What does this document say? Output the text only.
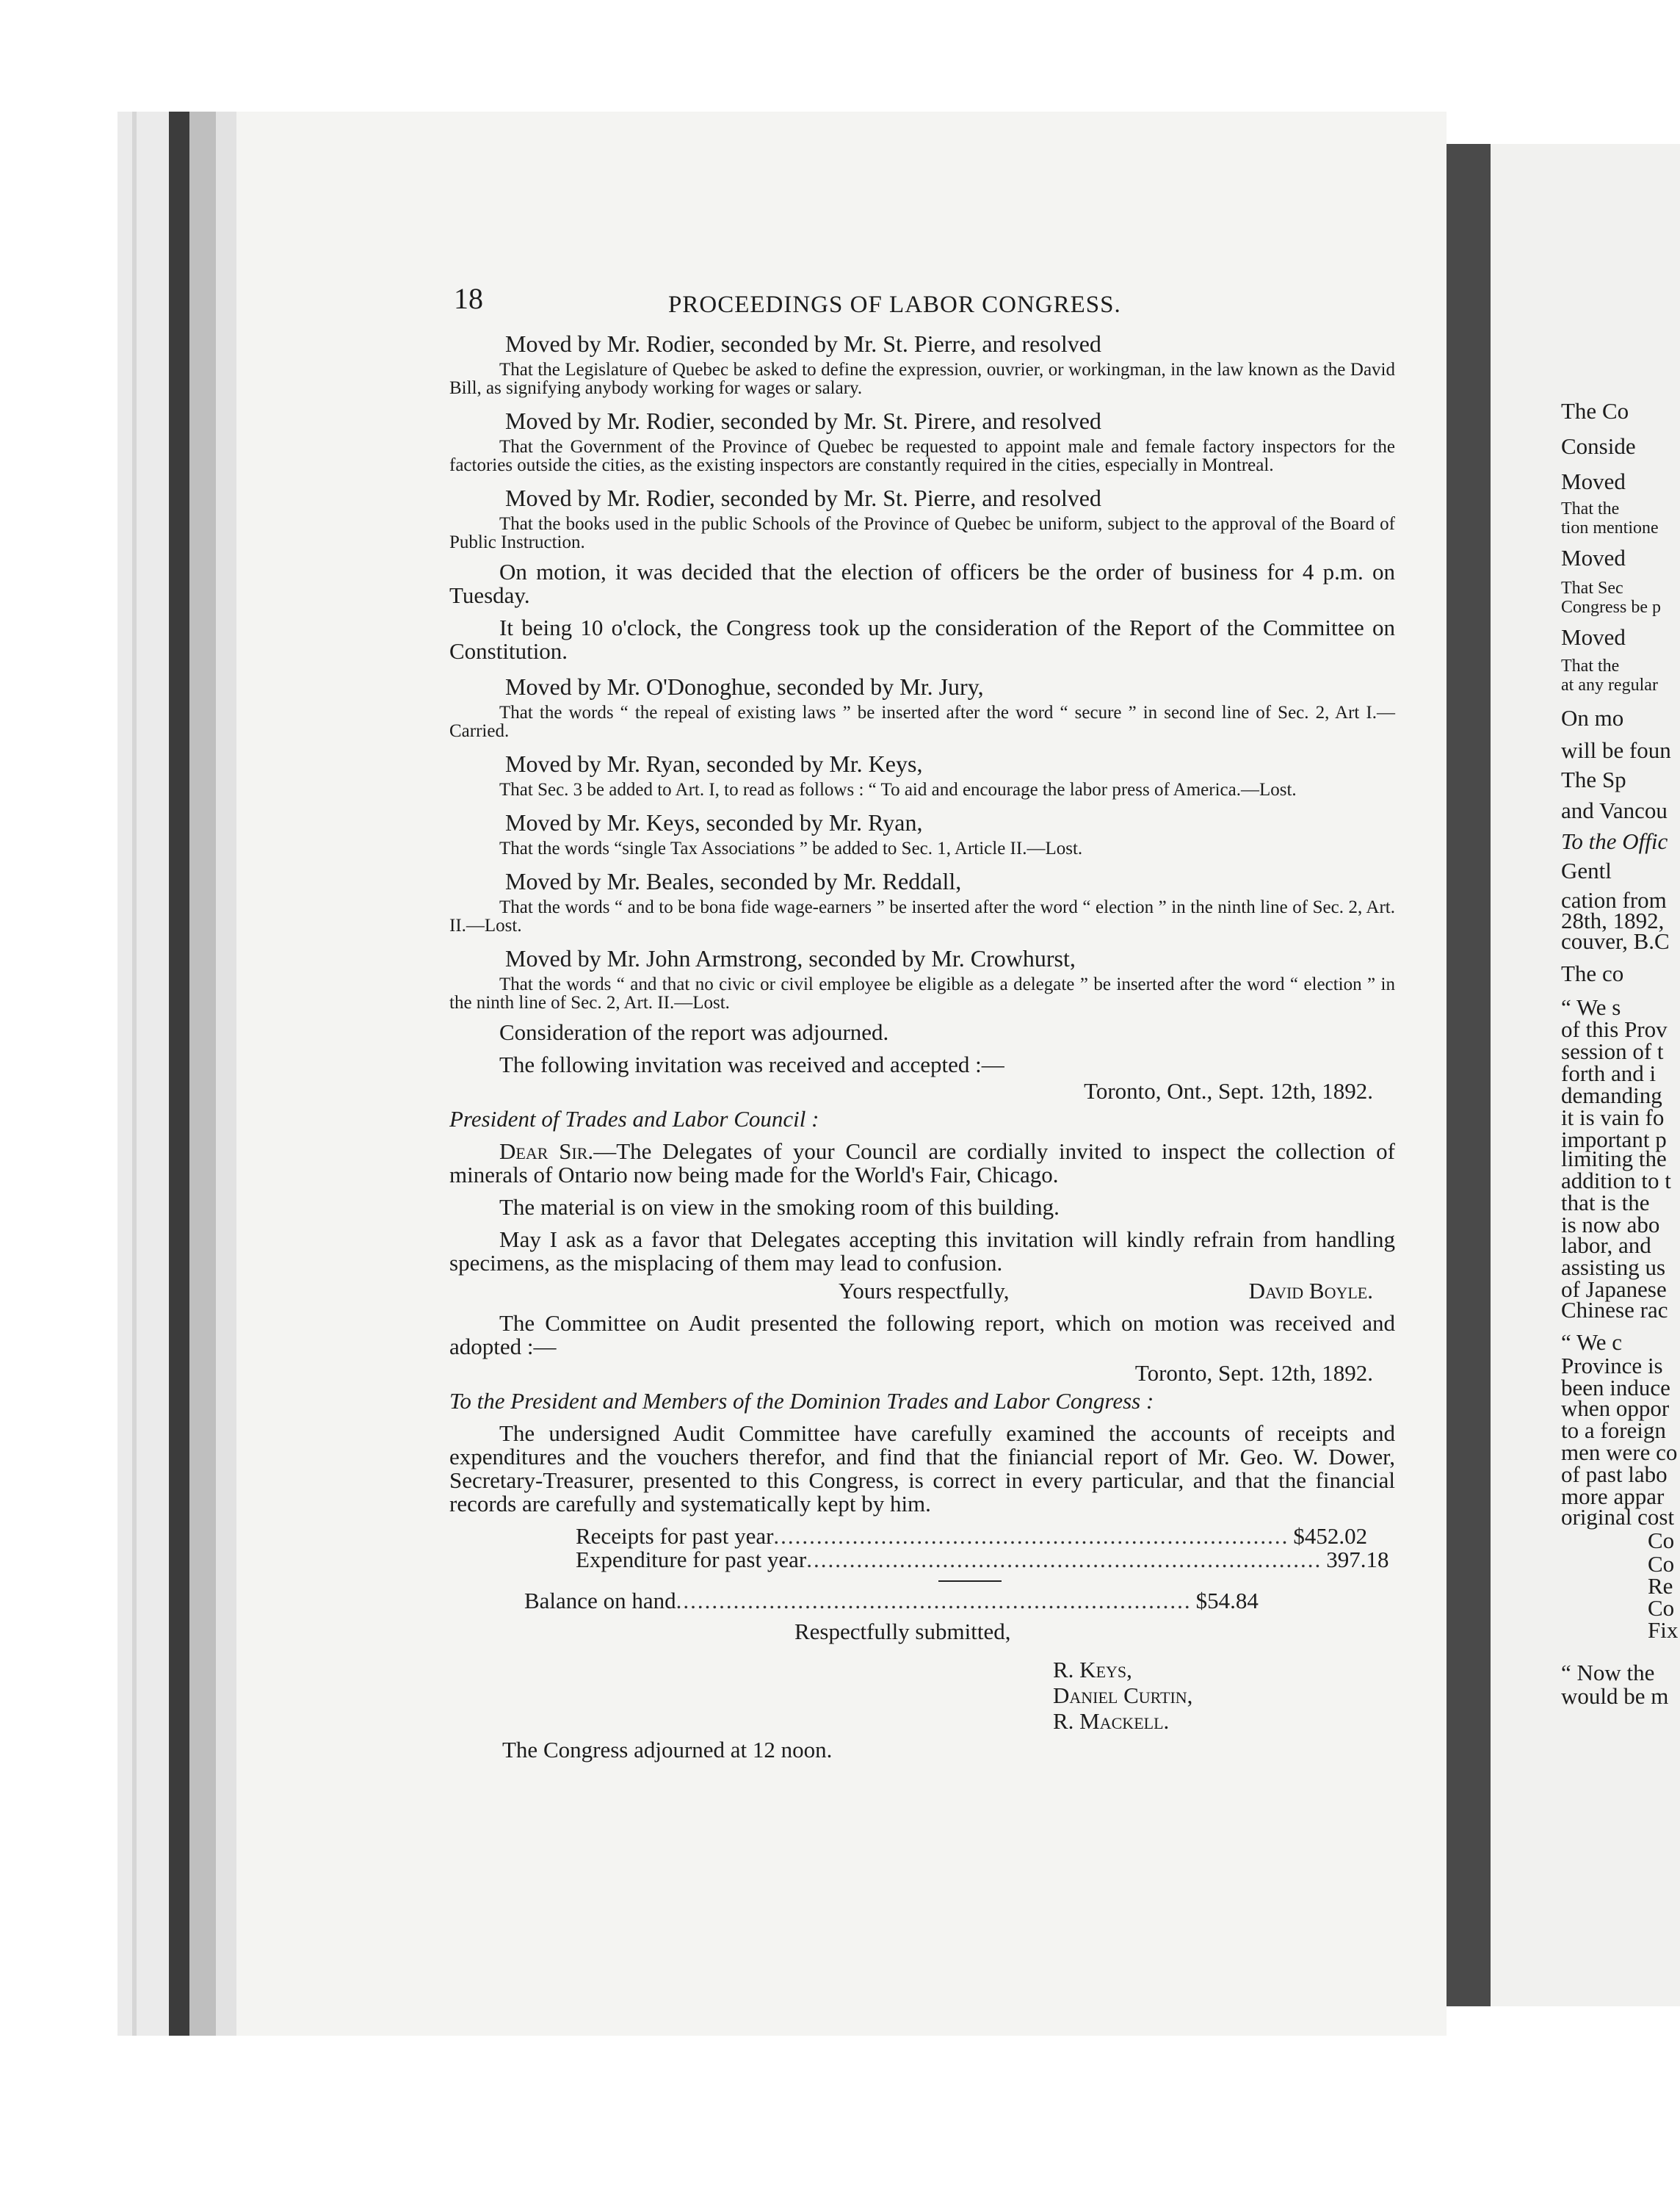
18	PROCEEDINGS OF LABOR CONGRESS.

Moved by Mr. Rodier, seconded by Mr. St. Pierre, and resolved

That the Legislature of Quebec be asked to define the expression, ouvrier, or workingman, in the law known as the David Bill, as signifying anybody working for wages or salary.

Moved by Mr. Rodier, seconded by Mr. St. Pirere, and resolved

That the Government of the Province of Quebec be requested to appoint male and female factory inspectors for the factories outside the cities, as the existing inspectors are constantly required in the cities, especially in Montreal.

Moved by Mr. Rodier, seconded by Mr. St. Pierre, and resolved

That the books used in the public Schools of the Province of Quebec be uniform, subject to the approval of the Board of Public Instruction.

On motion, it was decided that the election of officers be the order of business for 4 p.m. on Tuesday.

It being 10 o'clock, the Congress took up the consideration of the Report of the Committee on Constitution.

Moved by Mr. O'Donoghue, seconded by Mr. Jury,

That the words “ the repeal of existing laws ” be inserted after the word “ secure ” in second line of Sec. 2, Art I.—Carried.

Moved by Mr. Ryan, seconded by Mr. Keys,

That Sec. 3 be added to Art. I, to read as follows : “ To aid and encourage the labor press of America.—Lost.

Moved by Mr. Keys, seconded by Mr. Ryan,

That the words “single Tax Associations ” be added to Sec. 1, Article II.—Lost.

Moved by Mr. Beales, seconded by Mr. Reddall,

That the words “ and to be bona fide wage-earners ” be inserted after the word “ election ” in the ninth line of Sec. 2, Art. II.—Lost.

Moved by Mr. John Armstrong, seconded by Mr. Crowhurst,

That the words “ and that no civic or civil employee be eligible as a delegate ” be inserted after the word “ election ” in the ninth line of Sec. 2, Art. II.—Lost.

Consideration of the report was adjourned.

The following invitation was received and accepted :—

Toronto, Ont., Sept. 12th, 1892.

President of Trades and Labor Council :

Dear Sir.—The Delegates of your Council are cordially invited to inspect the collection of minerals of Ontario now being made for the World's Fair, Chicago.

The material is on view in the smoking room of this building.

May I ask as a favor that Delegates accepting this invitation will kindly refrain from handling specimens, as the misplacing of them may lead to confusion.

Yours respectfully,	David Boyle.

The Committee on Audit presented the following report, which on motion was received and adopted :—

Toronto, Sept. 12th, 1892.

To the President and Members of the Dominion Trades and Labor Congress :

The undersigned Audit Committee have carefully examined the accounts of receipts and expenditures and the vouchers therefor, and find that the finiancial report of Mr. Geo. W. Dower, Secretary-Treasurer, presented to this Congress, is correct in every particular, and that the financial records are carefully and systematically kept by him.

Receipts for past year ........................................................................ $452.02
Expenditure for past year ........................................................................ 397.18
Balance on hand ........................................................................ $54.84

Respectfully submitted,

R. Keys,
Daniel Curtin,
R. Mackell.

The Congress adjourned at 12 noon.

The Co
Conside
Moved
That the
tion mentione
Moved
That Sec
Congress be p
Moved
That the
at any regular
On mo
will be foun
The Sp
and Vancou
To the Offic
Gentl
cation from
28th, 1892,
couver, B.C
The co
“ We s
of this Prov
session of t
forth and i
demanding
it is vain fo
important p
limiting the
addition to t
that is the
is now abo
labor, and
assisting us
of Japanese
Chinese rac
“ We c
Province is
been induce
when oppor
to a foreign
men were co
of past labo
more appar
original cost
Co
Co
Re
Co
Fix
“ Now the
would be m
